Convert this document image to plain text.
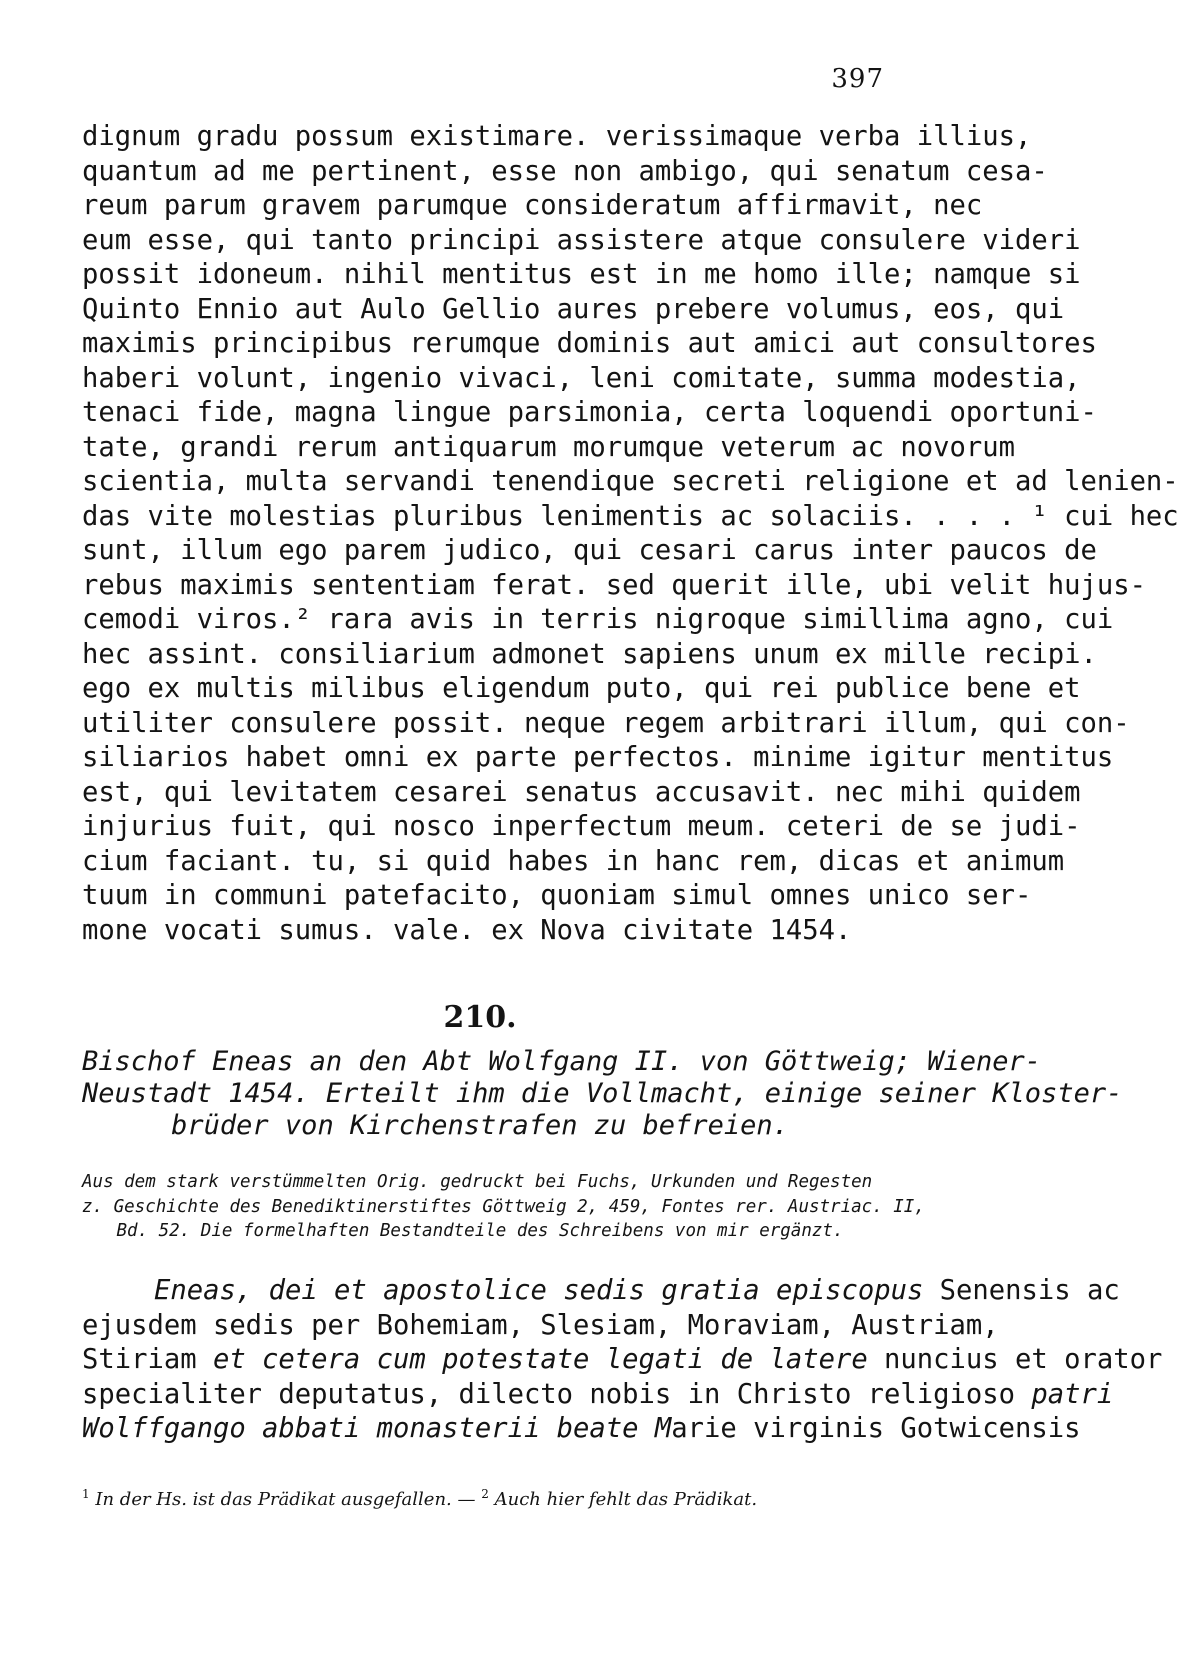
397
dignum gradu possum existimare. verissimaque verba illius,
quantum ad me pertinent, esse non ambigo, qui senatum cesa-
reum parum gravem parumque consideratum affirmavit, nec
eum esse, qui tanto principi assistere atque consulere videri
possit idoneum. nihil mentitus est in me homo ille; namque si
Quinto Ennio aut Aulo Gellio aures prebere volumus, eos, qui
maximis principibus rerumque dominis aut amici aut consultores
haberi volunt, ingenio vivaci, leni comitate, summa modestia,
tenaci fide, magna lingue parsimonia, certa loquendi oportuni-
tate, grandi rerum antiquarum morumque veterum ac novorum
scientia, multa servandi tenendique secreti religione et ad lenien-
das vite molestias pluribus lenimentis ac solaciis. . . . ¹ cui hec
sunt, illum ego parem judico, qui cesari carus inter paucos de
rebus maximis sententiam ferat. sed querit ille, ubi velit hujus-
cemodi viros.² rara avis in terris nigroque simillima agno, cui
hec assint. consiliarium admonet sapiens unum ex mille recipi.
ego ex multis milibus eligendum puto, qui rei publice bene et
utiliter consulere possit. neque regem arbitrari illum, qui con-
siliarios habet omni ex parte perfectos. minime igitur mentitus
est, qui levitatem cesarei senatus accusavit. nec mihi quidem
injurius fuit, qui nosco inperfectum meum. ceteri de se judi-
cium faciant. tu, si quid habes in hanc rem, dicas et animum
tuum in communi patefacito, quoniam simul omnes unico ser-
mone vocati sumus. vale. ex Nova civitate 1454.
210.
Bischof Eneas an den Abt Wolfgang II. von Göttweig; Wiener-
Neustadt 1454. Erteilt ihm die Vollmacht, einige seiner Kloster-

brüder von Kirchenstrafen zu befreien.
Aus dem stark verstümmelten Orig. gedruckt bei Fuchs, Urkunden und Regesten
z. Geschichte des Benediktinerstiftes Göttweig 2, 459, Fontes rer. Austriac. II,

Bd. 52. Die formelhaften Bestandteile des Schreibens von mir ergänzt.
Eneas, dei et apostolice sedis gratia episcopus Senensis ac
ejusdem sedis per Bohemiam, Slesiam, Moraviam, Austriam,
Stiriam et cetera cum potestate legati de latere nuncius et orator
specialiter deputatus, dilecto nobis in Christo religioso patri
Wolffgango abbati monasterii beate Marie virginis Gotwicensis
$^1$ In der Hs. ist das Prädikat ausgefallen. — $^2$ Auch hier fehlt das Prädikat.
